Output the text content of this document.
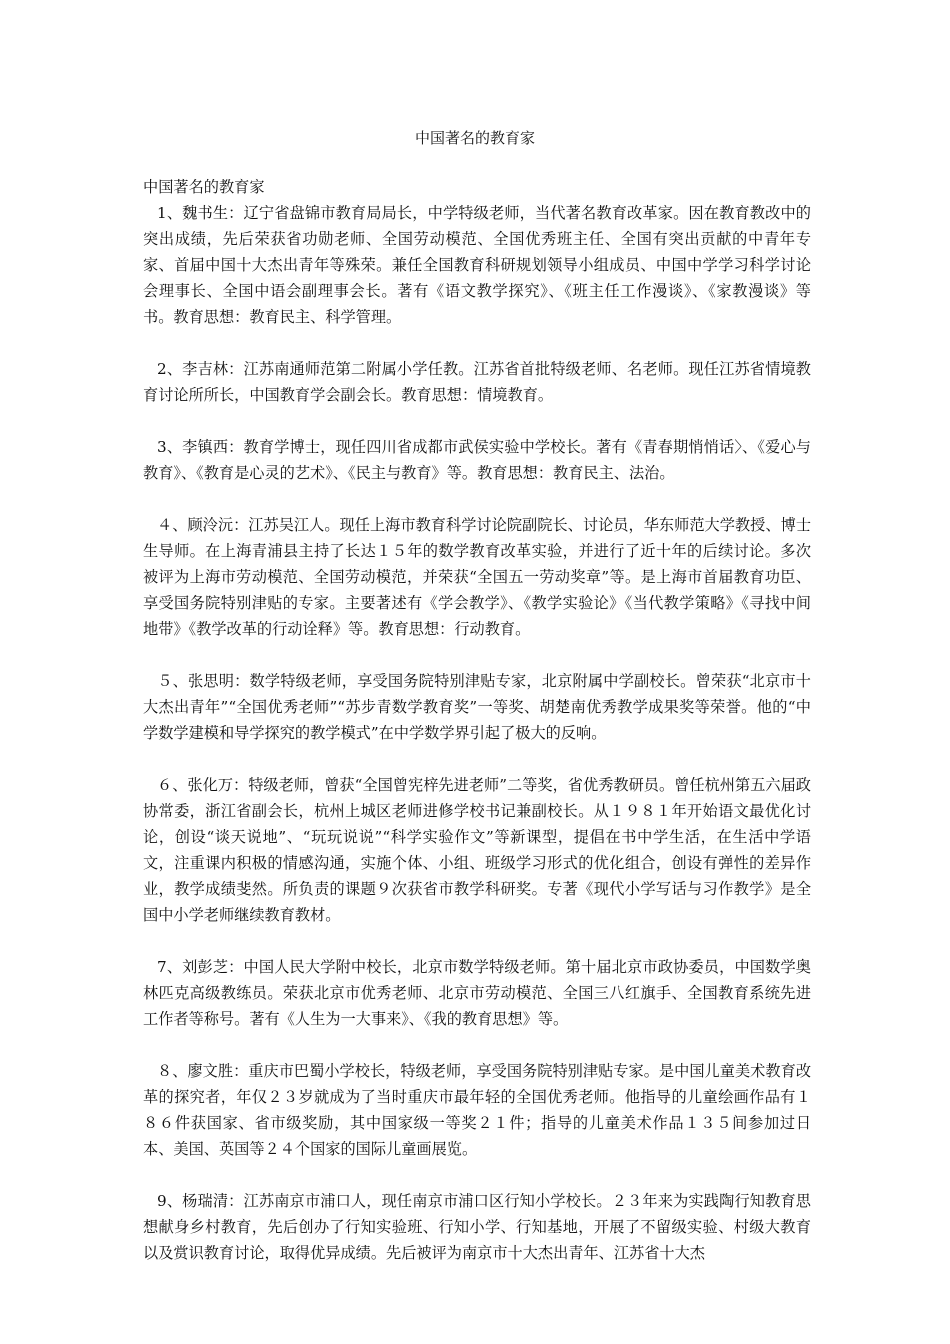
中国著名的教育家

中国著名的教育家

1、魏书生：辽宁省盘锦市教育局局长，中学特级老师，当代著名教育改革家。因在教育教改中的突出成绩，先后荣获省功勋老师、全国劳动模范、全国优秀班主任、全国有突出贡献的中青年专家、首届中国十大杰出青年等殊荣。兼任全国教育科研规划领导小组成员、中国中学学习科学讨论会理事长、全国中语会副理事会长。著有《语文教学探究》、《班主任工作漫谈》、《家教漫谈》等书。教育思想：教育民主、科学管理。

2、李吉林：江苏南通师范第二附属小学任教。江苏省首批特级老师、名老师。现任江苏省情境教育讨论所所长，中国教育学会副会长。教育思想：情境教育。

3、李镇西：教育学博士，现任四川省成都市武侯实验中学校长。著有《青春期悄悄话〉、《爱心与教育》、《教育是心灵的艺术》、《民主与教育》等。教育思想：教育民主、法治。

４、顾泠沅：江苏吴江人。现任上海市教育科学讨论院副院长、讨论员，华东师范大学教授、博士生导师。在上海青浦县主持了长达１５年的数学教育改革实验，并进行了近十年的后续讨论。多次被评为上海市劳动模范、全国劳动模范，并荣获“全国五一劳动奖章”等。是上海市首届教育功臣、享受国务院特别津贴的专家。主要著述有《学会教学》、《教学实验论》《当代教学策略》《寻找中间地带》《教学改革的行动诠释》等。教育思想：行动教育。

５、张思明：数学特级老师，享受国务院特别津贴专家，北京附属中学副校长。曾荣获“北京市十大杰出青年”“全国优秀老师”“苏步青数学教育奖”一等奖、胡楚南优秀教学成果奖等荣誉。他的“中学数学建模和导学探究的教学模式”在中学数学界引起了极大的反响。

６、张化万：特级老师，曾获“全国曾宪梓先进老师”二等奖，省优秀教研员。曾任杭州第五六届政协常委，浙江省副会长，杭州上城区老师进修学校书记兼副校长。从１９８１年开始语文最优化讨论，创设“谈天说地”、“玩玩说说”“科学实验作文”等新课型，提倡在书中学生活，在生活中学语文，注重课内积极的情感沟通，实施个体、小组、班级学习形式的优化组合，创设有弹性的差异作业，教学成绩斐然。所负责的课题９次获省市教学科研奖。专著《现代小学写话与习作教学》是全国中小学老师继续教育教材。

7、刘彭芝：中国人民大学附中校长，北京市数学特级老师。第十届北京市政协委员，中国数学奥林匹克高级教练员。荣获北京市优秀老师、北京市劳动模范、全国三八红旗手、全国教育系统先进工作者等称号。著有《人生为一大事来》、《我的教育思想》等。

８、廖文胜：重庆市巴蜀小学校长，特级老师，享受国务院特别津贴专家。是中国儿童美术教育改革的探究者，年仅２３岁就成为了当时重庆市最年轻的全国优秀老师。他指导的儿童绘画作品有１８６件获国家、省市级奖励，其中国家级一等奖２１件；指导的儿童美术作品１３５间参加过日本、美国、英国等２４个国家的国际儿童画展览。

9、杨瑞清：江苏南京市浦口人，现任南京市浦口区行知小学校长。２３年来为实践陶行知教育思想献身乡村教育，先后创办了行知实验班、行知小学、行知基地，开展了不留级实验、村级大教育以及赏识教育讨论，取得优异成绩。先后被评为南京市十大杰出青年、江苏省十大杰
